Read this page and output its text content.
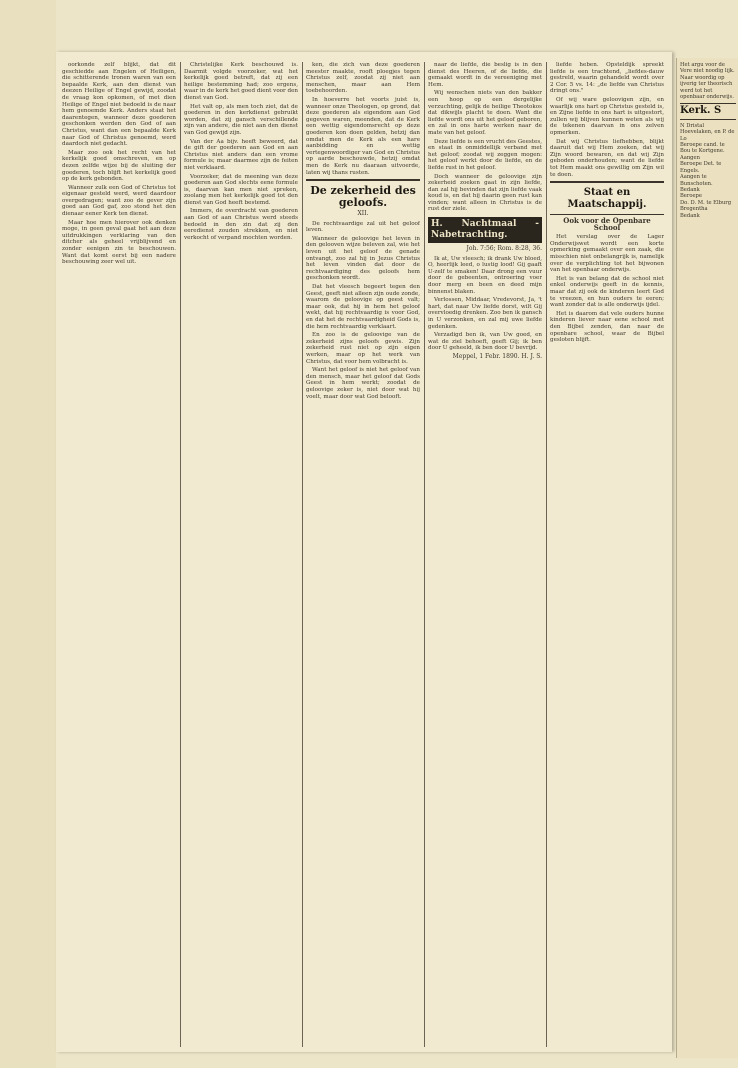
oorkonde zelf blijkt, dat dit geschiedde aan Engelen of Heiligen, die schitterende tronen waren van een bepaalde Kerk, aan den dienst van deezen Heilige of Engel gewijd, zoodat de vraag kon opkomen, of met dien Heilige of Engel niet bedoeld is de naar hem genoemde Kerk. Anders staat het daarentegen, wanneer deze goederen geschonken werden den God of aan Christus, want dan een bepaalde Kerk naar God of Christus genoemd, werd daardoch niet gedacht.

Maar zoo ook het recht van het kerkelijk goed omschreven, en op dezen zelfde wijze bij de sluiting der goederen, toch blijft het kerkelijk goed op de kerk gebonden.

Wanneer zulk een God of Christus tot eigenaar gesteld werd, werd daardoor overgedragen; want zoo de gever zijn goed aan God gaf, zoo stond het den dienaar eener Kerk ten dienst.

Maar hoe men hierover ook denken moge, in geen geval gaat het aan deze uitdrukkingen verklaring van den ditcher als geheel vrijblijvend en zonder eenigen zin te beschouwen. Want dat komt eerst bij een nadere beschouwing zeer wel uit.

Christelijke Kerk beschouwd is. Daarmit volgde voorzeker, wat het kerkelijk goed betreft, dat zij een heilige bestemming had; zoo ergens, waar in de kerk het goed dient voor den dienst van God.

Het valt op, als men toch ziet, dat de goederen in den kerkdienst gebruikt worden, dat zij gansch verschillende zijn van andere, die niet aan den dienst van God gewijd zijn.

Van der Aa bijv. heeft beweerd, dat de gift der goederen aan God en aan Christus niet anders dan een vrome formule is; maar daarmee zijn de feiten niet verklaard.

Voorzeker, dat de meening van deze goederen aan God slechts eene formule is, daarvan kan men niet spreken, zoolang men het kerkelijk goed tot den dienst van God heeft bestemd.

Immers, de overdracht van goederen aan God of aan Christus werd steeds bedoeld in den zin dat zij den eeredienst zouden strekken, en niet verkocht of verpand mochten worden.

ken, die zich van deze goederen meester maakte, rooft ploegjes tegen Christus zelf, zoodat zij niet aan menschen, maar aan Hem toebehoorden.

In hoeverre het voorts juist is, wanneer onze Theologen, op grond, dat deze goederen als eigendom aan God gegeven waren, meenden, dat de Kerk een wettig eigendomsrecht op deze goederen kon doen gelden, hetzij dan omdat men de Kerk als een hare aanbidding en wettig vertegenwoordiger van God en Christus op aarde beschouwde, hetzij omdat men de Kerk nu daaraan uitvoerde, laten wij thans rusten.

De zekerheid des geloofs.
XII.

De rechtvaardige zal uit het geloof leven.

Wanneer de geloovige het leven in den gelooven wijze beleven zal, wie het leven uit het geloof de genade ontvangt, zoo zal hij in Jezus Christus het leven vinden dat door de rechtvaardiging des geloofs hem geschonken wordt.

Dat het vleesch begeert tegen den Geest, geeft niet alleen zijn oude zonde, waarom de geloovige op geest valt; maar ook, dat hij in hem het geloof wekt, dat hij rechtvaardig is voor God, en dat het de rechtvaardigheid Gods is, die hem rechtvaardig verklaart.

En zoo is de geloovige van de zekerheid zijns geloofs gewis. Zijn zekerheid rust niet op zijn eigen werken, maar op het werk van Christus, dat voor hem volbracht is.

Want het geloof is niet het geloof van den mensch, maar het geloof dat Gods Geest in hem werkt; zoodat de geloovige zeker is, niet door wat hij voelt, maar door wat God belooft.

naar de liefde, die beslig is in den dienst des Heeren, of de liefde, die gemaakt wordt in de vereeniging met Hem.

Wij wenschen niets van den bakker een hoop op een dergelijke verzuchting, gelijk de heilige Theotokos dat dikwijls placht te doen. Want die liefde wordt ons uit het geloof geboren, en zal in ons harte werken naar de mate van het geloof.

Deze liefde is een vrucht des Geestes, en staat in onmiddellijk verband met het geloof; zoodat wij zeggen mogen: het geloof werkt door de liefde, en de liefde rust in het geloof.

Doch wanneer de geloovige zijn zekerheid zoeken gaat in zijn liefde, dan zal hij bevinden dat zijn liefde vaak koud is, en dat hij daarin geen rust kan vinden; want alleen in Christus is de rust der ziele.

H. Nachtmaal - Nabetrachting.
Joh. 7:56; Rom. 8:28, 36.

Ik at, Uw vleesch; ik drank Uw bloed, O, heerlijk leed, o lustig lood! Gij gaaft U-zelf te smaken! Daar drong een vuur door de gebeenten, ontroering voer door merg en been en deed mijn binnenst blaken.

Verlossen, Middaar, Vredevorst, Ja, 't hart, dat naar Uw liefde dorst, wilt Gij overvloedig drenken. Zoo ben ik gansch in U verzonken, en zal mij uwe liefde gedenken.

Verzadigd ben ik, van Uw goed, en wat de ziel behoeft, geeft Gij; ik ben door U geheeld, ik ben door U bevrijd.

Meppel, 1 Febr. 1890. H. J. S.

liefde heben. Opsteldijk spreekt liefde is een trachtend, „liefdes-dauw gestreld, waarin gehandeld wordt over 2 Cor. 5 vs. 14: „de liefde van Christus dringt ons."

Of wij ware geloovigen zijn, en waarlijk ons hart op Christus gesteld is, en Zijne liefde in ons hart is uitgestort, zullen wij blijven kunnen weten als wij de tekenen daarvan in ons zelven opmerken.

Dat wij Christus liefhebben, blijkt daaruit dat wij Hem zoeken, dat wij Zijn woord bewaren, en dat wij Zijn geboden onderhouden; want de liefde tot Hem maakt ons gewillig om Zijn wil te doen.

Staat en Maatschappij.
Ook voor de Openbare School

Het verslag over de Lager Onderwijswet wordt een korte opmerking gemaakt over een zaak, die misschien niet onbelangrijk is, namelijk over de verplichting tot het bijwonen van het openbaar onderwijs.

Het is van belang dat de school niet enkel onderwijs geeft in de kennis, maar dat zij ook de kinderen leert God te vreezen, en hun ouders te eeren; want zonder dat is alle onderwijs ijdel.

Het is daarom dat vele ouders hunne kinderen liever naar eene school met den Bijbel zenden, dan naar de openbare school, waar de Bijbel gesloten blijft.

Het argu voor de Vere niet noodig lijk. Naar woordig op ijverig ter theorisch werd tot het openbaar onderwijs.
Kerk. S
N Dristal
Hoevelaken, en P. de Lo
Beroepe cand. te Bou te Kortgene.
Aangen
Beroepe Det. te Engels.
Aangen te Bunschoten.
Bedank
Beroepe
Do. D. M. te Elburg
Bregentha
Bedank
